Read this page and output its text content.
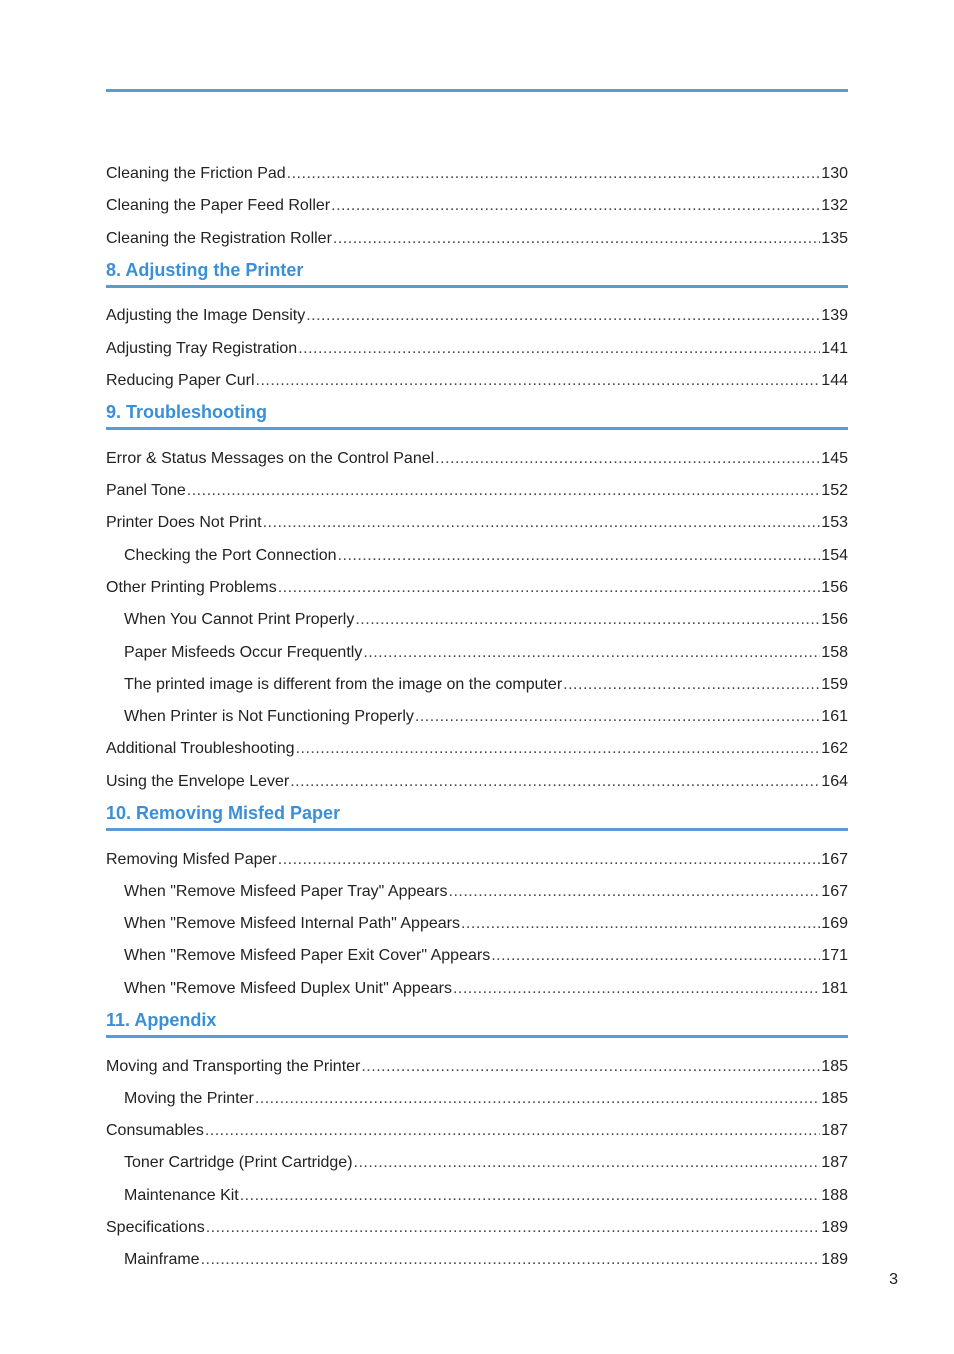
Cleaning the Friction Pad .....	130
Cleaning the Paper Feed Roller .....	132
Cleaning the Registration Roller .....	135
8. Adjusting the Printer
Adjusting the Image Density .....	139
Adjusting Tray Registration .....	141
Reducing Paper Curl .....	144
9. Troubleshooting
Error & Status Messages on the Control Panel .....	145
Panel Tone .....	152
Printer Does Not Print .....	153
Checking the Port Connection .....	154
Other Printing Problems .....	156
When You Cannot Print Properly .....	156
Paper Misfeeds Occur Frequently .....	158
The printed image is different from the image on the computer .....	159
When Printer is Not Functioning Properly .....	161
Additional Troubleshooting .....	162
Using the Envelope Lever .....	164
10. Removing Misfed Paper
Removing Misfed Paper .....	167
When "Remove Misfeed Paper Tray" Appears .....	167
When "Remove Misfeed Internal Path" Appears .....	169
When "Remove Misfeed Paper Exit Cover" Appears .....	171
When "Remove Misfeed Duplex Unit" Appears .....	181
11. Appendix
Moving and Transporting the Printer .....	185
Moving the Printer .....	185
Consumables .....	187
Toner Cartridge (Print Cartridge) .....	187
Maintenance Kit .....	188
Specifications .....	189
Mainframe .....	189
3
